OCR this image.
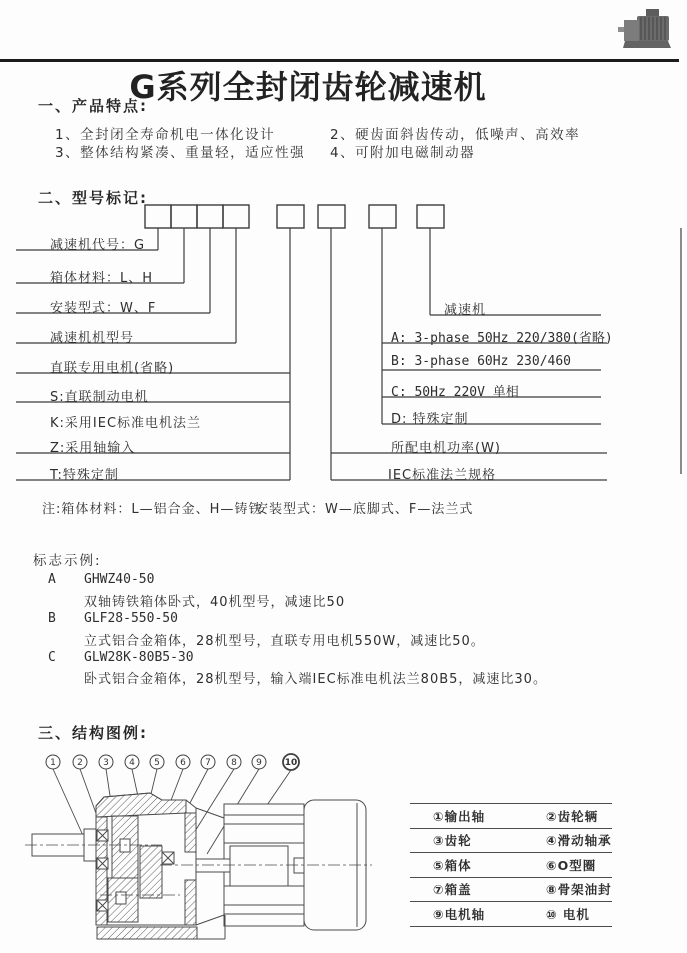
G系列全封闭齿轮减速机
一、产品特点:
1、全封闭全寿命机电一体化设计	2、硬齿面斜齿传动，低噪声、高效率
3、整体结构紧凑、重量轻，适应性强 4、可附加电磁制动器
二、型号标记:
减速机代号：G
箱体材料：L、H
安装型式：W、F
减速机机型号
直联专用电机(省略)
S:直联制动电机
K:采用IEC标准电机法兰
Z:采用轴输入
T:特殊定制
减速机
A: 3-phase 50Hz 220/380(省略)
B: 3-phase 60Hz 230/460
C: 50Hz 220V 单相
D: 特殊定制
所配电机功率(W)
IEC标准法兰规格
注:箱体材料：L—铝合金、H—铸铁
安装型式：W—底脚式、F—法兰式
标志示例:
A GHWZ40-50
双轴铸铁箱体卧式，40机型号，减速比50
B GLF28-550-50
立式铝合金箱体，28机型号，直联专用电机550W，减速比50。
C GLW28K-80B5-30
卧式铝合金箱体，28机型号，输入端IEC标准电机法兰80B5，减速比30。
三、结构图例:
1 2 3 4 5 6 7 8 9	10
①输出轴	②齿轮辆
③齿轮	④滑动轴承
⑤箱体	⑥O型圈
⑦箱盖	⑧骨架油封
⑨电机轴	⑩ 电机
